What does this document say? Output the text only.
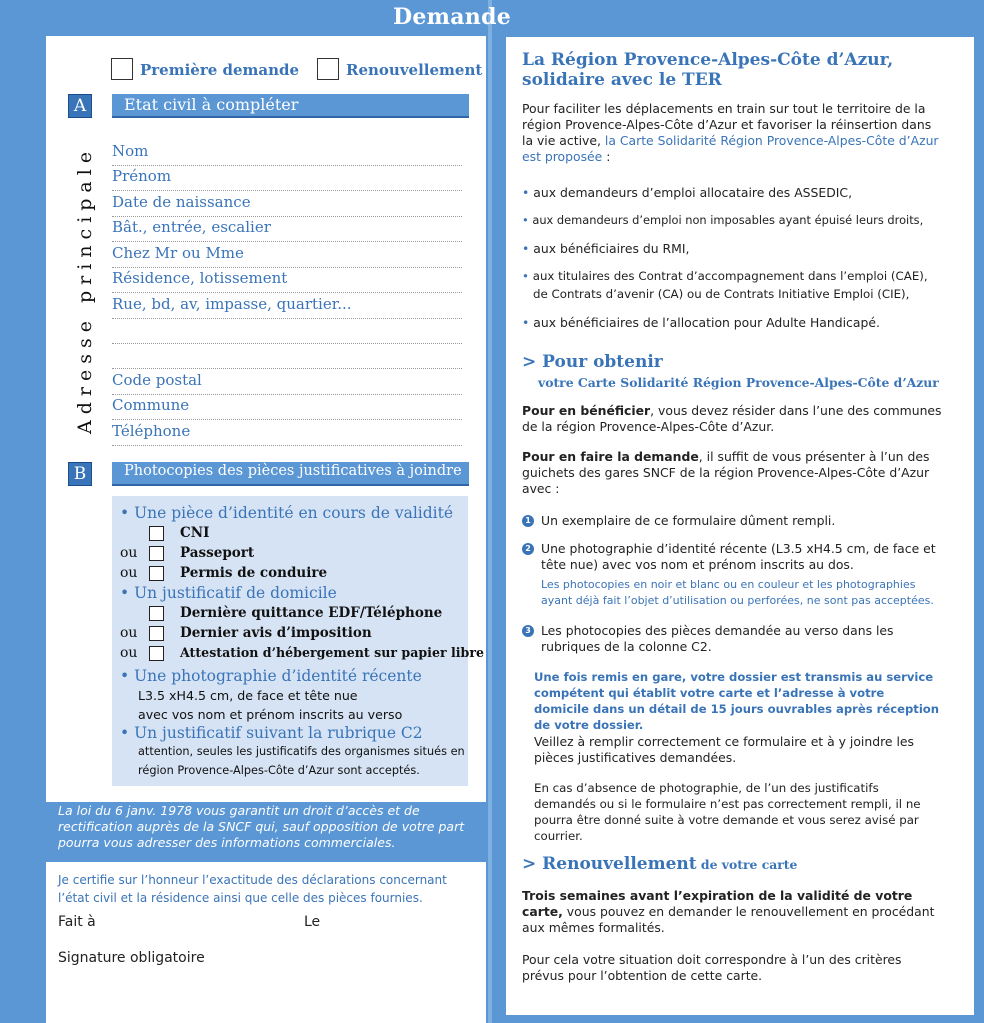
Demande
Première demande	Renouvellement
A	Etat civil à compléter
Nom
Prénom
Date de naissance
Bât., entrée, escalier
Chez Mr ou Mme
Résidence, lotissement
Rue, bd, av, impasse, quartier...
Code postal
Commune
Téléphone
Adresse principale
B	Photocopies des pièces justificatives à joindre
• Une pièce d’identité en cours de validité
CNI
ou	Passeport
ou	Permis de conduire
• Un justificatif de domicile
Dernière quittance EDF/Téléphone
ou	Dernier avis d’imposition
ou	Attestation d’hébergement sur papier libre
• Une photographie d’identité récente
L3.5 xH4.5 cm, de face et tête nue
avec vos nom et prénom inscrits au verso
• Un justificatif suivant la rubrique C2
attention, seules les justificatifs des organismes situés en
région Provence-Alpes-Côte d’Azur sont acceptés.
La loi du 6 janv. 1978 vous garantit un droit d’accès et de rectification auprès de la SNCF qui, sauf opposition de votre part pourra vous adresser des informations commerciales.
Je certifie sur l’honneur l’exactitude des déclarations concernant l’état civil et la résidence ainsi que celle des pièces fournies.
Fait à	Le
Signature obligatoire
La Région Provence-Alpes-Côte d’Azur, solidaire avec le TER
Pour faciliter les déplacements en train sur tout le territoire de la région Provence-Alpes-Côte d’Azur et favoriser la réinsertion dans la vie active, la Carte Solidarité Région Provence-Alpes-Côte d’Azur est proposée :
• aux demandeurs d’emploi allocataire des ASSEDIC,
• aux demandeurs d’emploi non imposables ayant épuisé leurs droits,
• aux bénéficiaires du RMI,
• aux titulaires des Contrat d’accompagnement dans l’emploi (CAE),
de Contrats d’avenir (CA) ou de Contrats Initiative Emploi (CIE),
• aux bénéficiaires de l’allocation pour Adulte Handicapé.
> Pour obtenir
votre Carte Solidarité Région Provence-Alpes-Côte d’Azur
Pour en bénéficier, vous devez résider dans l’une des communes de la région Provence-Alpes-Côte d’Azur.
Pour en faire la demande, il suffit de vous présenter à l’un des guichets des gares SNCF de la région Provence-Alpes-Côte d’Azur avec :
1 Un exemplaire de ce formulaire dûment rempli.
2 Une photographie d’identité récente (L3.5 xH4.5 cm, de face et tête nue) avec vos nom et prénom inscrits au dos.
Les photocopies en noir et blanc ou en couleur et les photographies ayant déjà fait l’objet d’utilisation ou perforées, ne sont pas acceptées.
3 Les photocopies des pièces demandée au verso dans les rubriques de la colonne C2.
Une fois remis en gare, votre dossier est transmis au service compétent qui établit votre carte et l’adresse à votre domicile dans un détail de 15 jours ouvrables après réception de votre dossier.
Veillez à remplir correctement ce formulaire et à y joindre les pièces justificatives demandées.
En cas d’absence de photographie, de l’un des justificatifs demandés ou si le formulaire n’est pas correctement rempli, il ne pourra être donné suite à votre demande et vous serez avisé par courrier.
> Renouvellement de votre carte
Trois semaines avant l’expiration de la validité de votre carte, vous pouvez en demander le renouvellement en procédant aux mêmes formalités.
Pour cela votre situation doit correspondre à l’un des critères prévus pour l’obtention de cette carte.
